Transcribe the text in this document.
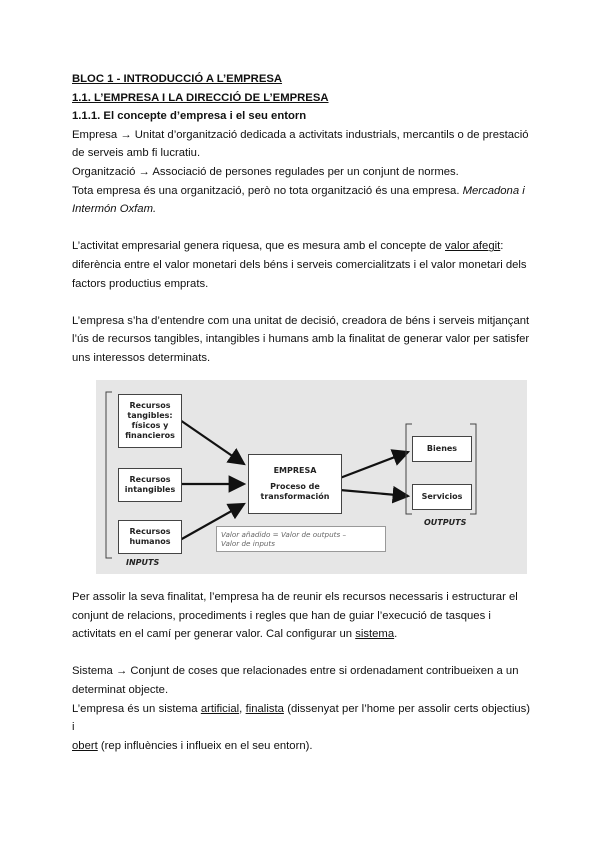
BLOC 1 - INTRODUCCIÓ A L’EMPRESA

1.1. L’EMPRESA I LA DIRECCIÓ DE L’EMPRESA

1.1.1. El concepte d’empresa i el seu entorn

Empresa → Unitat d’organització dedicada a activitats industrials, mercantils o de prestació

de serveis amb fi lucratiu.

Organització → Associació de persones regulades per un conjunt de normes.

Tota empresa és una organització, però no tota organització és una empresa. Mercadona i

Intermón Oxfam.

L’activitat empresarial genera riquesa, que es mesura amb el concepte de valor afegit:

diferència entre el valor monetari dels béns i serveis comercialitzats i el valor monetari dels

factors productius emprats.

L’empresa s’ha d’entendre com una unitat de decisió, creadora de béns i serveis mitjançant

l’ús de recursos tangibles, intangibles i humans amb la finalitat de generar valor per satisfer

uns interessos determinats.

Recursos
tangibles:
físicos y
financieros
Recursos
intangibles
Recursos
humanos
INPUTS
EMPRESA
Proceso de
transformación
Valor añadido = Valor de outputs –
Valor de inputs
Bienes
Servicios
OUTPUTS

Per assolir la seva finalitat, l’empresa ha de reunir els recursos necessaris i estructurar el

conjunt de relacions, procediments i regles que han de guiar l’execució de tasques i

activitats en el camí per generar valor. Cal configurar un sistema.

Sistema → Conjunt de coses que relacionades entre si ordenadament contribueixen a un

determinat objecte.

L’empresa és un sistema artificial, finalista (dissenyat per l’home per assolir certs objectius) i

obert (rep influències i influeix en el seu entorn).
